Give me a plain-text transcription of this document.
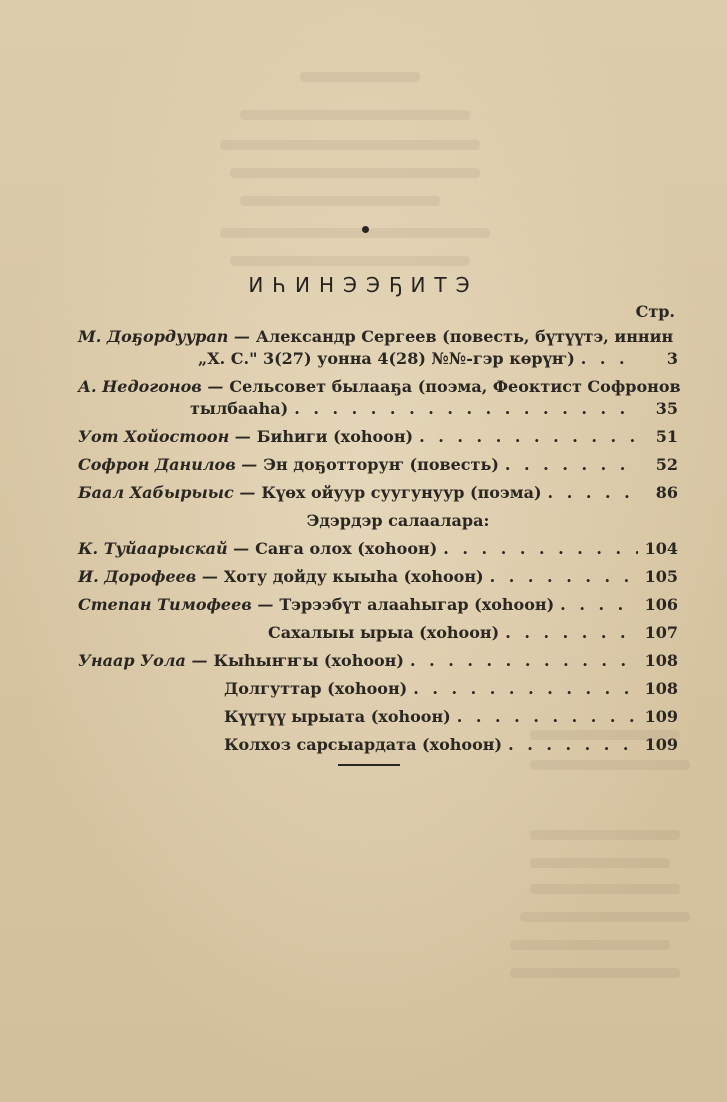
ИҺИНЭЭҔИТЭ
Стр.
М. Доҕордуурап — Александр Сергеев (повесть, бүтүүтэ, иннин
„Х. С." 3(27) уонна 4(28) №№-гэр көрүҥ) . . .	3
А. Недогонов — Сельсовет былааҕа (поэма, Феоктист Софронов
тылбааһа) . . .	35
Уот Хойостоон — Биһиги (хоһоон) . . .	51
Софрон Данилов — Эн доҕотторуҥ (повесть) . . .	52
Баал Хабырыыс — Күөх ойуур суугунуур (поэма) . . .	86
Эдэрдэр салаалара:
К. Туйаарыскай — Саҥа олох (хоһоон) . . .	104
И. Дорофеев — Хоту дойду кыыһа (хоһоон) . . .	105
Степан Тимофеев — Тэрээбүт алааһыгар (хоһоон) . . .	106
Сахалыы ырыа (хоһоон) . . .	107
Унаар Уола — Кыһыҥҥы (хоһоон) . . .	108
Долгуттар (хоһоон) . . .	108
Күүтүү ырыата (хоһоон) . . .	109
Колхоз сарсыардата (хоһоон) . . .	109
